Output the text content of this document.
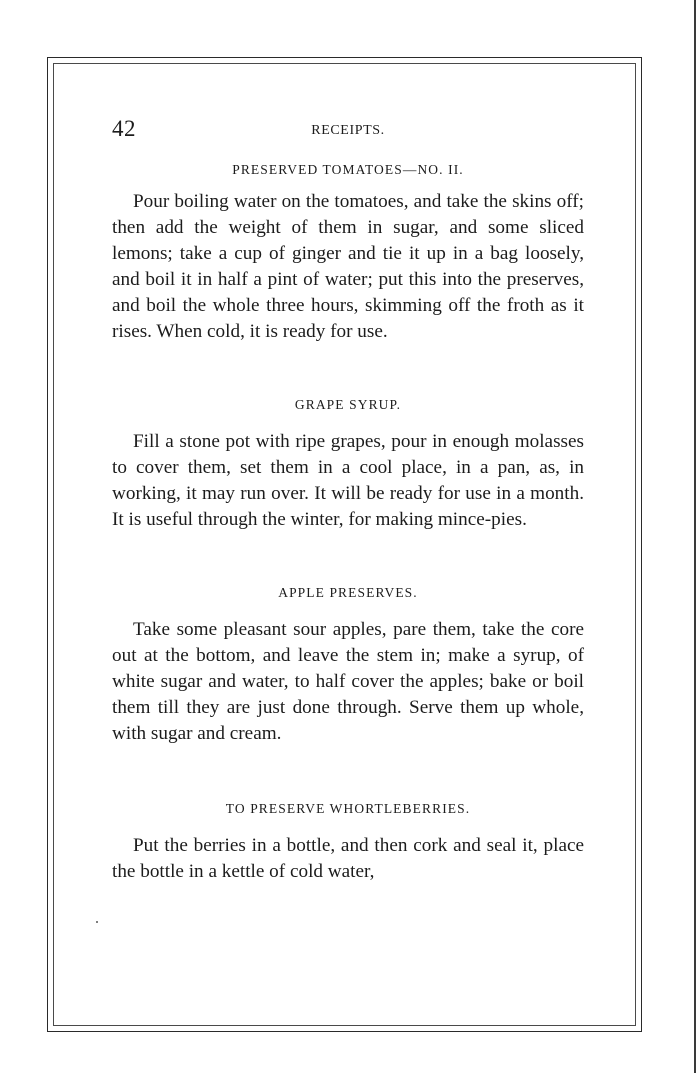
42	RECEIPTS.
PRESERVED TOMATOES—NO. II.

Pour boiling water on the tomatoes, and take the skins off; then add the weight of them in sugar, and some sliced lemons; take a cup of ginger and tie it up in a bag loosely, and boil it in half a pint of water; put this into the preserves, and boil the whole three hours, skimming off the froth as it rises. When cold, it is ready for use.

GRAPE SYRUP.

Fill a stone pot with ripe grapes, pour in enough molasses to cover them, set them in a cool place, in a pan, as, in working, it may run over. It will be ready for use in a month. It is useful through the winter, for making mince-pies.

APPLE PRESERVES.

Take some pleasant sour apples, pare them, take the core out at the bottom, and leave the stem in; make a syrup, of white sugar and water, to half cover the apples; bake or boil them till they are just done through. Serve them up whole, with sugar and cream.

TO PRESERVE WHORTLEBERRIES.

Put the berries in a bottle, and then cork and seal it, place the bottle in a kettle of cold water,
